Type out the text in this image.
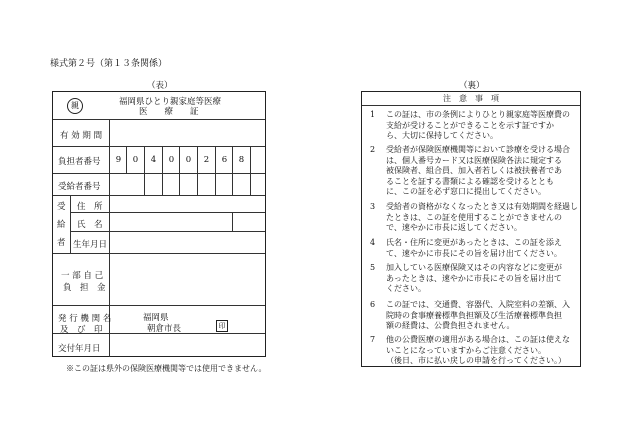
様式第２号（第１３条関係）
（表）	（裏）
親	福岡県ひとり親家庭等医療
医　　療　　証
有 効 期 間
負担者番号	9	0	4	0	0	2	6	8
受給者番号
受
給
者
住　所
氏　名
生年月日
一 部 自 己
負　担　金
発 行 機 関 名
及　び　印
福岡県
朝倉市長	印
交付年月日
注　意　事　項
1 この証は、市の条例によりひとり親家庭等医療費の
支給が受けることができることを示す証ですか
ら、大切に保持してください。
2 受給者が保険医療機関等において診療を受ける場合
は、個人番号カード又は医療保険各法に規定する
被保険者、組合員、加入者若しくは被扶養者であ
ることを証する書類による確認を受けるととも
に、この証を必ず窓口に提出してください。
3 受給者の資格がなくなったとき又は有効期間を経過し
たときは、この証を使用することができませんの
で、速やかに市長に返してください。
4 氏名・住所に変更があったときは、この証を添え
て、速やかに市長にその旨を届け出てください。
5 加入している医療保険又はその内容などに変更が
あったときは、速やかに市長にその旨を届け出て
ください。
6 この証では、交通費、容器代、入院室料の差額、入
院時の食事療養標準負担額及び生活療養標準負担
額の経費は、公費負担されません。
7 他の公費医療の適用がある場合は、この証は使えな
いことになっていますからご注意ください。
（後日、市に払い戻しの申請を行ってください。）
※この証は県外の保険医療機関等では使用できません。
